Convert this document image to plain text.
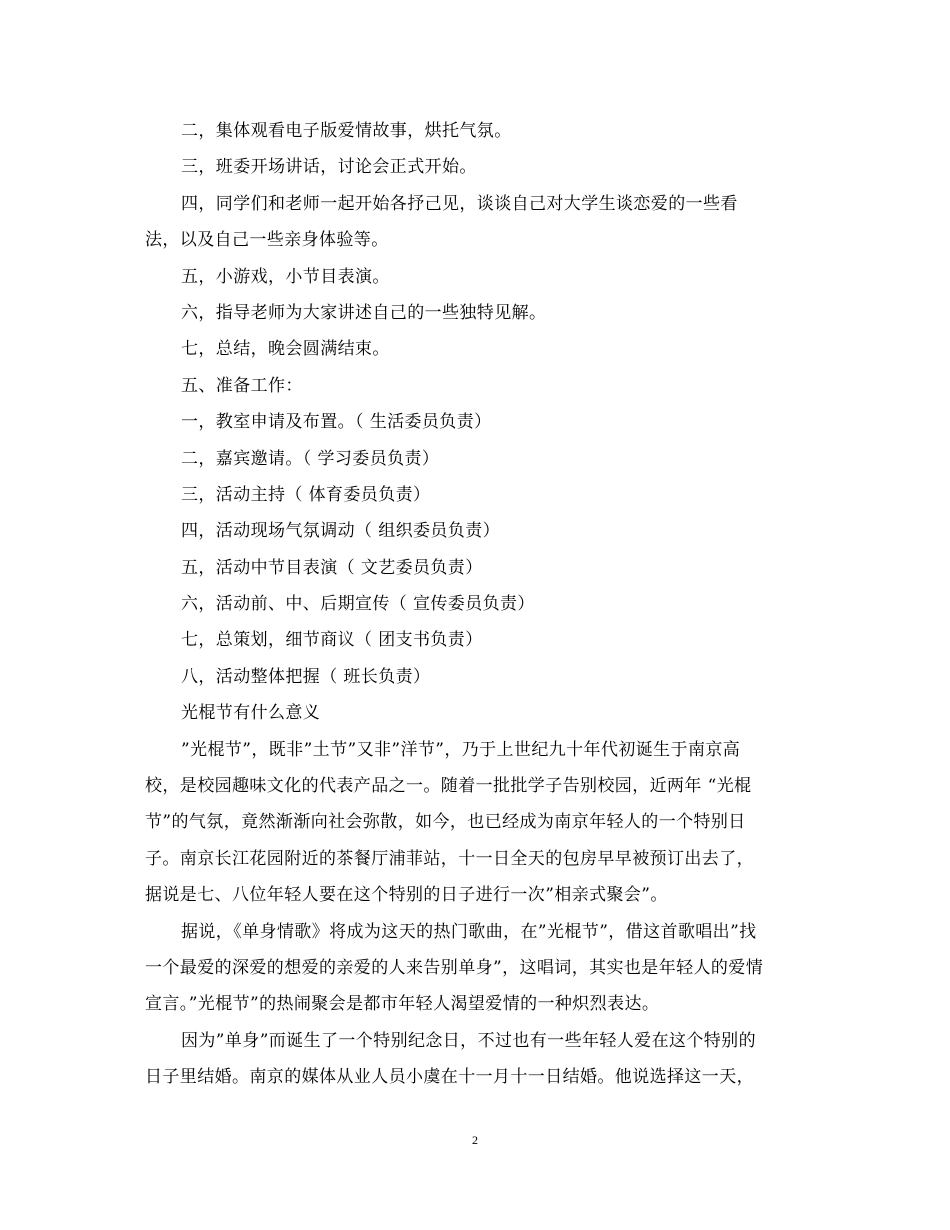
二，集体观看电子版爱情故事，烘托气氛。
三，班委开场讲话，讨论会正式开始。
四，同学们和老师一起开始各抒己见，谈谈自己对大学生谈恋爱的一些看
法，以及自己一些亲身体验等。
五，小游戏，小节目表演。
六，指导老师为大家讲述自己的一些独特见解。
七，总结，晚会圆满结束。
五、准备工作：
一，教室申请及布置。（ 生活委员负责）
二，嘉宾邀请。（ 学习委员负责）
三，活动主持（ 体育委员负责）
四，活动现场气氛调动（ 组织委员负责）
五，活动中节目表演（ 文艺委员负责）
六，活动前、中、后期宣传（ 宣传委员负责）
七，总策划，细节商议（ 团支书负责）
八，活动整体把握（ 班长负责）
光棍节有什么意义
”光棍节”，既非”土节”又非”洋节”，乃于上世纪九十年代初诞生于南京高
校，是校园趣味文化的代表产品之一。随着一批批学子告别校园，近两年 “光棍
节”的气氛，竟然渐渐向社会弥散，如今，也已经成为南京年轻人的一个特别日
子。南京长江花园附近的茶餐厅浦菲站，十一日全天的包房早早被预订出去了，
据说是七、八位年轻人要在这个特别的日子进行一次”相亲式聚会”。
据说，《单身情歌》将成为这天的热门歌曲，在”光棍节”，借这首歌唱出”找
一个最爱的深爱的想爱的亲爱的人来告别单身”，这唱词，其实也是年轻人的爱情
宣言。”光棍节”的热闹聚会是都市年轻人渴望爱情的一种炽烈表达。
因为”单身”而诞生了一个特别纪念日，不过也有一些年轻人爱在这个特别的
日子里结婚。南京的媒体从业人员小虞在十一月十一日结婚。他说选择这一天，
2
